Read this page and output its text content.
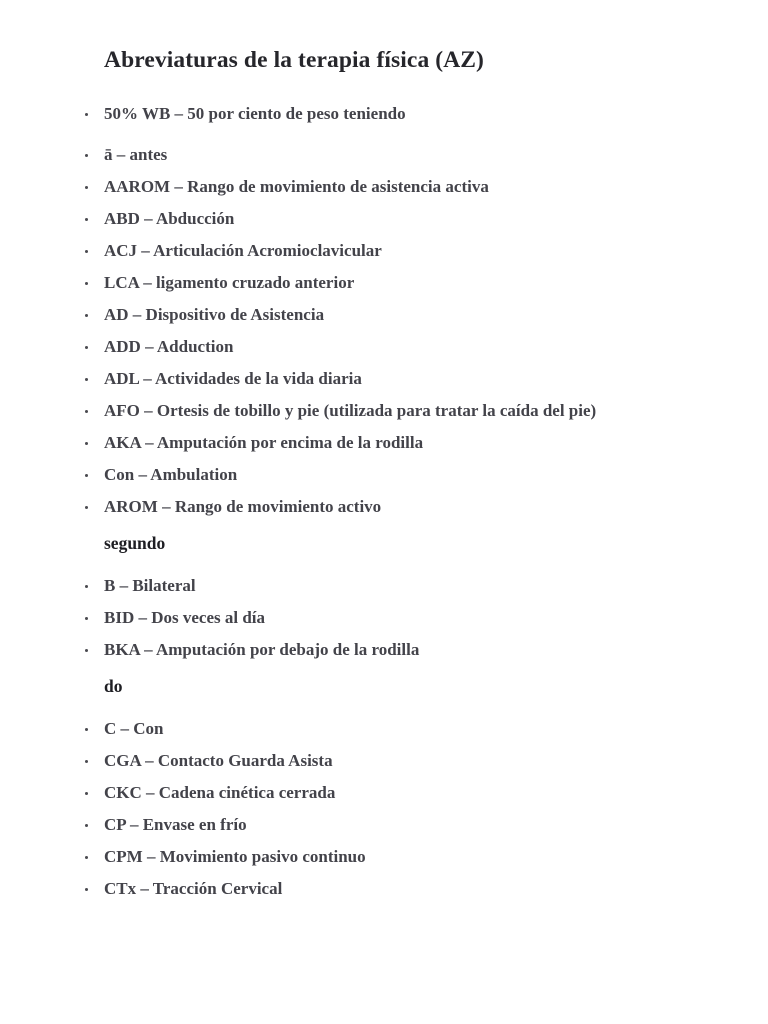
Abreviaturas de la terapia física (AZ)
50% WB – 50 por ciento de peso teniendo
ā – antes
AAROM – Rango de movimiento de asistencia activa
ABD – Abducción
ACJ – Articulación Acromioclavicular
LCA – ligamento cruzado anterior
AD – Dispositivo de Asistencia
ADD – Adduction
ADL – Actividades de la vida diaria
AFO – Ortesis de tobillo y pie (utilizada para tratar la caída del pie)
AKA – Amputación por encima de la rodilla
Con – Ambulation
AROM – Rango de movimiento activo
segundo
B – Bilateral
BID – Dos veces al día
BKA – Amputación por debajo de la rodilla
do
C – Con
CGA – Contacto Guarda Asista
CKC – Cadena cinética cerrada
CP – Envase en frío
CPM – Movimiento pasivo continuo
CTx – Tracción Cervical
